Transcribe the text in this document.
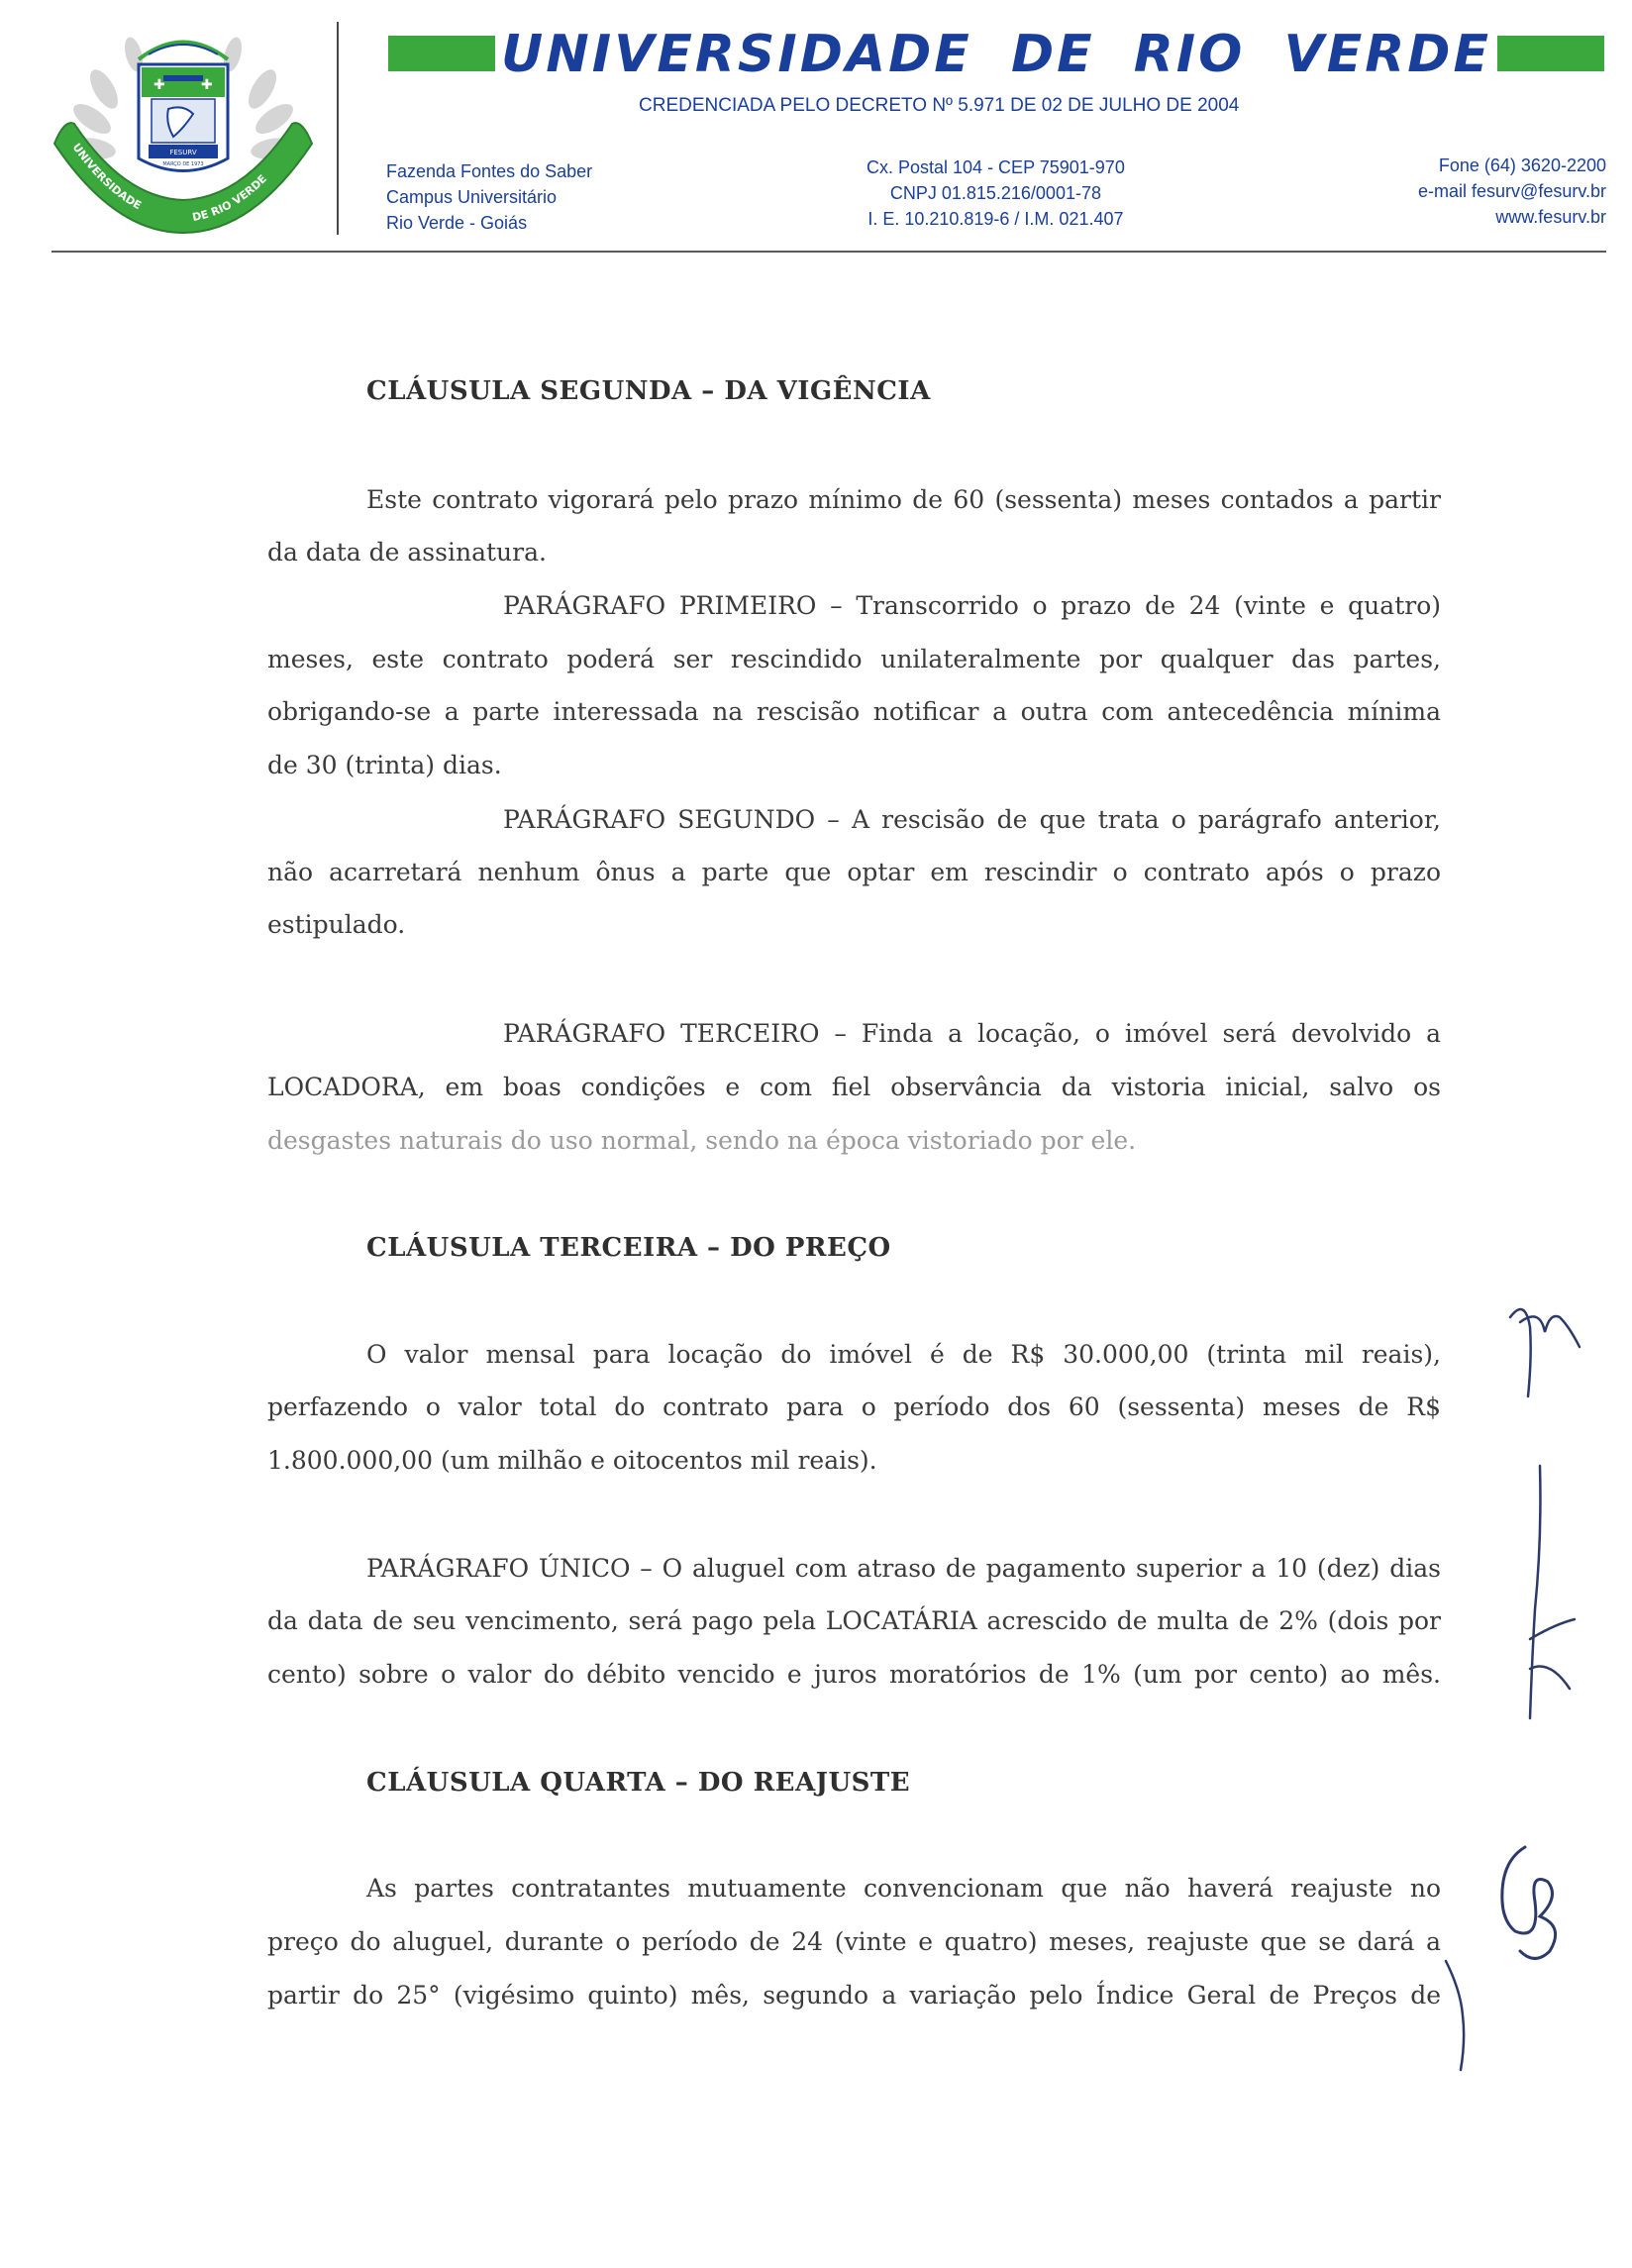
✚	✚
FESURV
MARÇO DE 1973
UNIVERSIDADE
DE RIO VERDE
UNIVERSIDADE DE RIO VERDE
CREDENCIADA PELO DECRETO Nº 5.971 DE 02 DE JULHO DE 2004
Fazenda Fontes do Saber
Campus Universitário
Rio Verde - Goiás
Cx. Postal 104 - CEP 75901-970
CNPJ 01.815.216/0001-78
I. E. 10.210.819-6 / I.M. 021.407
Fone (64) 3620-2200
e-mail fesurv@fesurv.br
www.fesurv.br
CLÁUSULA SEGUNDA – DA VIGÊNCIA
Este contrato vigorará pelo prazo mínimo de 60 (sessenta) meses contados a partir
da data de assinatura.
PARÁGRAFO PRIMEIRO – Transcorrido o prazo de 24 (vinte e quatro)
meses, este contrato poderá ser rescindido unilateralmente por qualquer das partes,
obrigando-se a parte interessada na rescisão notificar a outra com antecedência mínima
de 30 (trinta) dias.
PARÁGRAFO SEGUNDO – A rescisão de que trata o parágrafo anterior,
não acarretará nenhum ônus a parte que optar em rescindir o contrato após o prazo
estipulado.
PARÁGRAFO TERCEIRO – Finda a locação, o imóvel será devolvido a
LOCADORA, em boas condições e com fiel observância da vistoria inicial, salvo os
desgastes naturais do uso normal, sendo na época vistoriado por ele.
CLÁUSULA TERCEIRA – DO PREÇO
O valor mensal para locação do imóvel é de R$ 30.000,00 (trinta mil reais),
perfazendo o valor total do contrato para o período dos 60 (sessenta) meses de R$
1.800.000,00 (um milhão e oitocentos mil reais).
PARÁGRAFO ÚNICO – O aluguel com atraso de pagamento superior a 10 (dez) dias
da data de seu vencimento, será pago pela LOCATÁRIA acrescido de multa de 2% (dois por
cento) sobre o valor do débito vencido e juros moratórios de 1% (um por cento) ao mês.
CLÁUSULA QUARTA – DO REAJUSTE
As partes contratantes mutuamente convencionam que não haverá reajuste no
preço do aluguel, durante o período de 24 (vinte e quatro) meses, reajuste que se dará a
partir do 25° (vigésimo quinto) mês, segundo a variação pelo Índice Geral de Preços de
3
